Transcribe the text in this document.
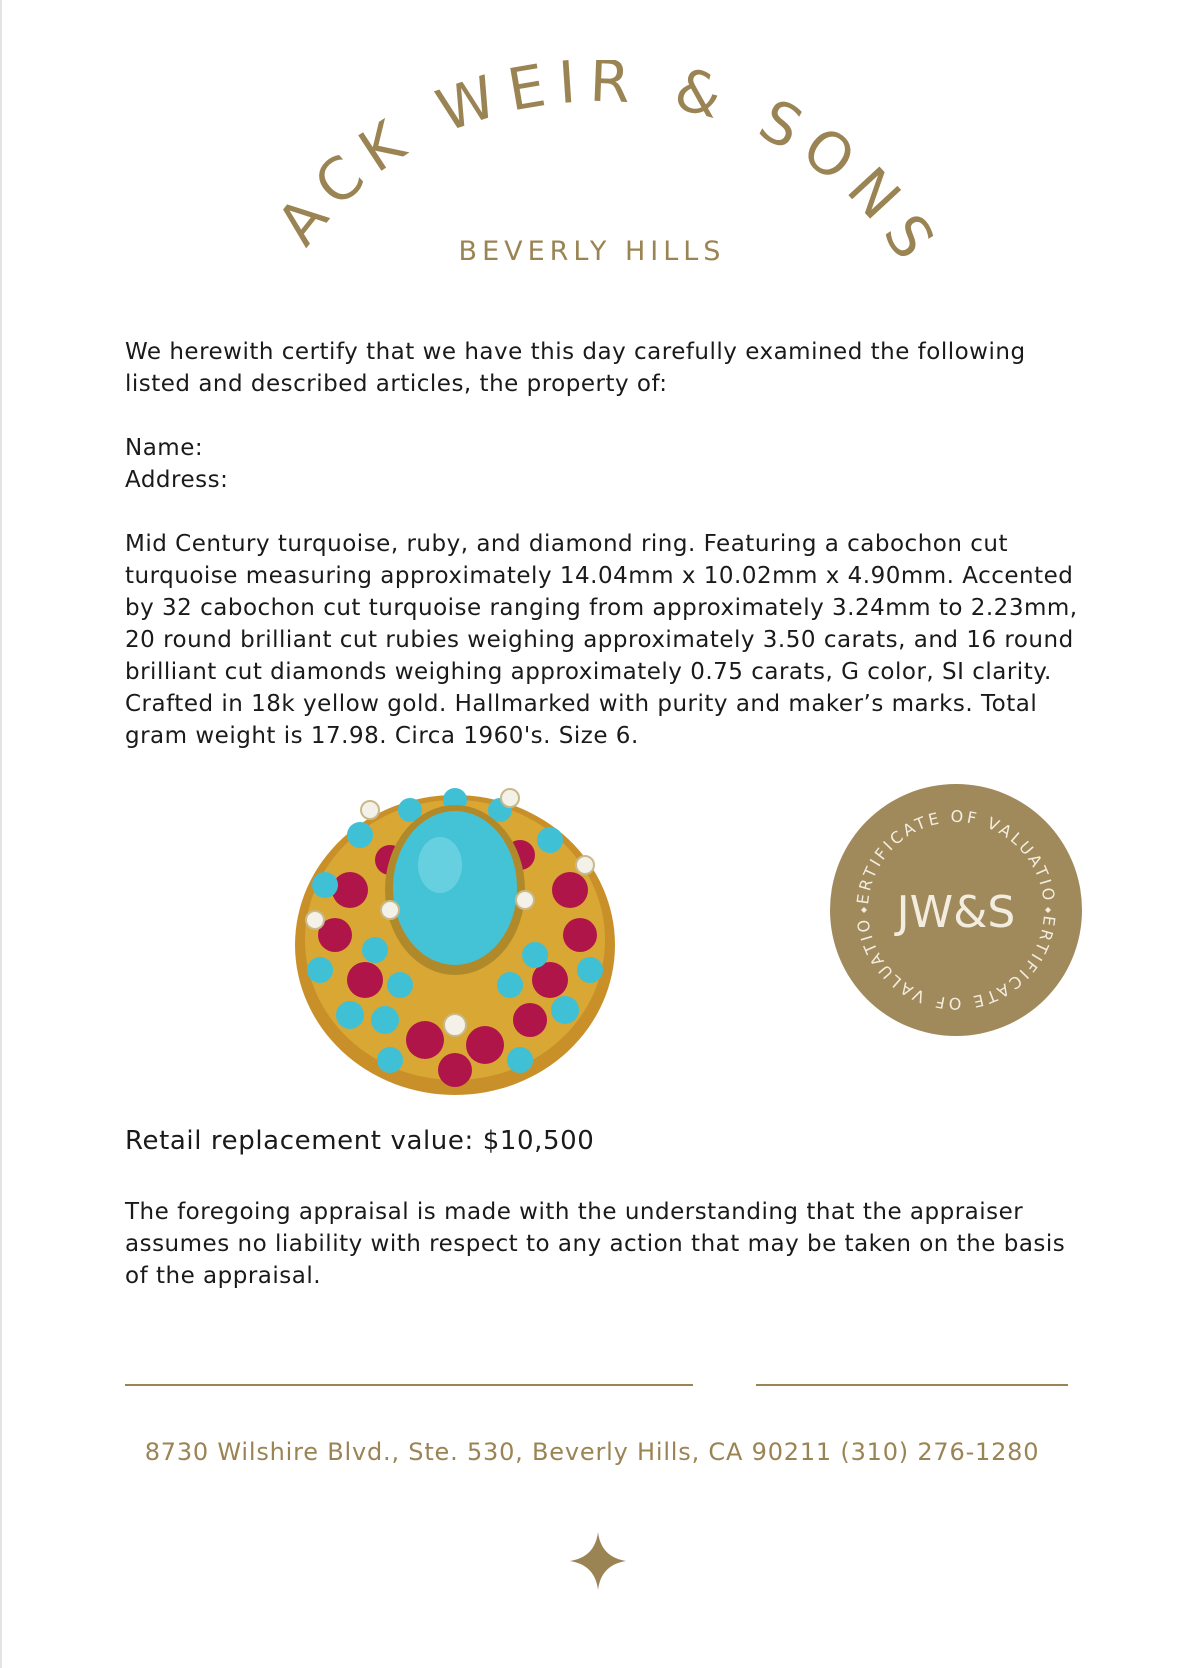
ACK WEIR & SONS
BEVERLY HILLS

We herewith certify that we have this day carefully examined the following listed and described articles, the property of:

Name:
Address:

Mid Century turquoise, ruby, and diamond ring. Featuring a cabochon cut turquoise measuring approximately 14.04mm x 10.02mm x 4.90mm. Accented by 32 cabochon cut turquoise ranging from approximately 3.24mm to 2.23mm, 20 round brilliant cut rubies weighing approximately 3.50 carats, and 16 round brilliant cut diamonds weighing approximately 0.75 carats, G color, SI clarity. Crafted in 18k yellow gold. Hallmarked with purity and maker’s marks. Total gram weight is 17.98. Circa 1960's. Size 6.

ERTIFICATE OF VALUATIO
ERTIFICATE OF VALUATIO JW&S
Retail replacement value: $10,500

The foregoing appraisal is made with the understanding that the appraiser assumes no liability with respect to any action that may be taken on the basis of the appraisal.

8730 Wilshire Blvd., Ste. 530, Beverly Hills, CA 90211 (310) 276-1280
